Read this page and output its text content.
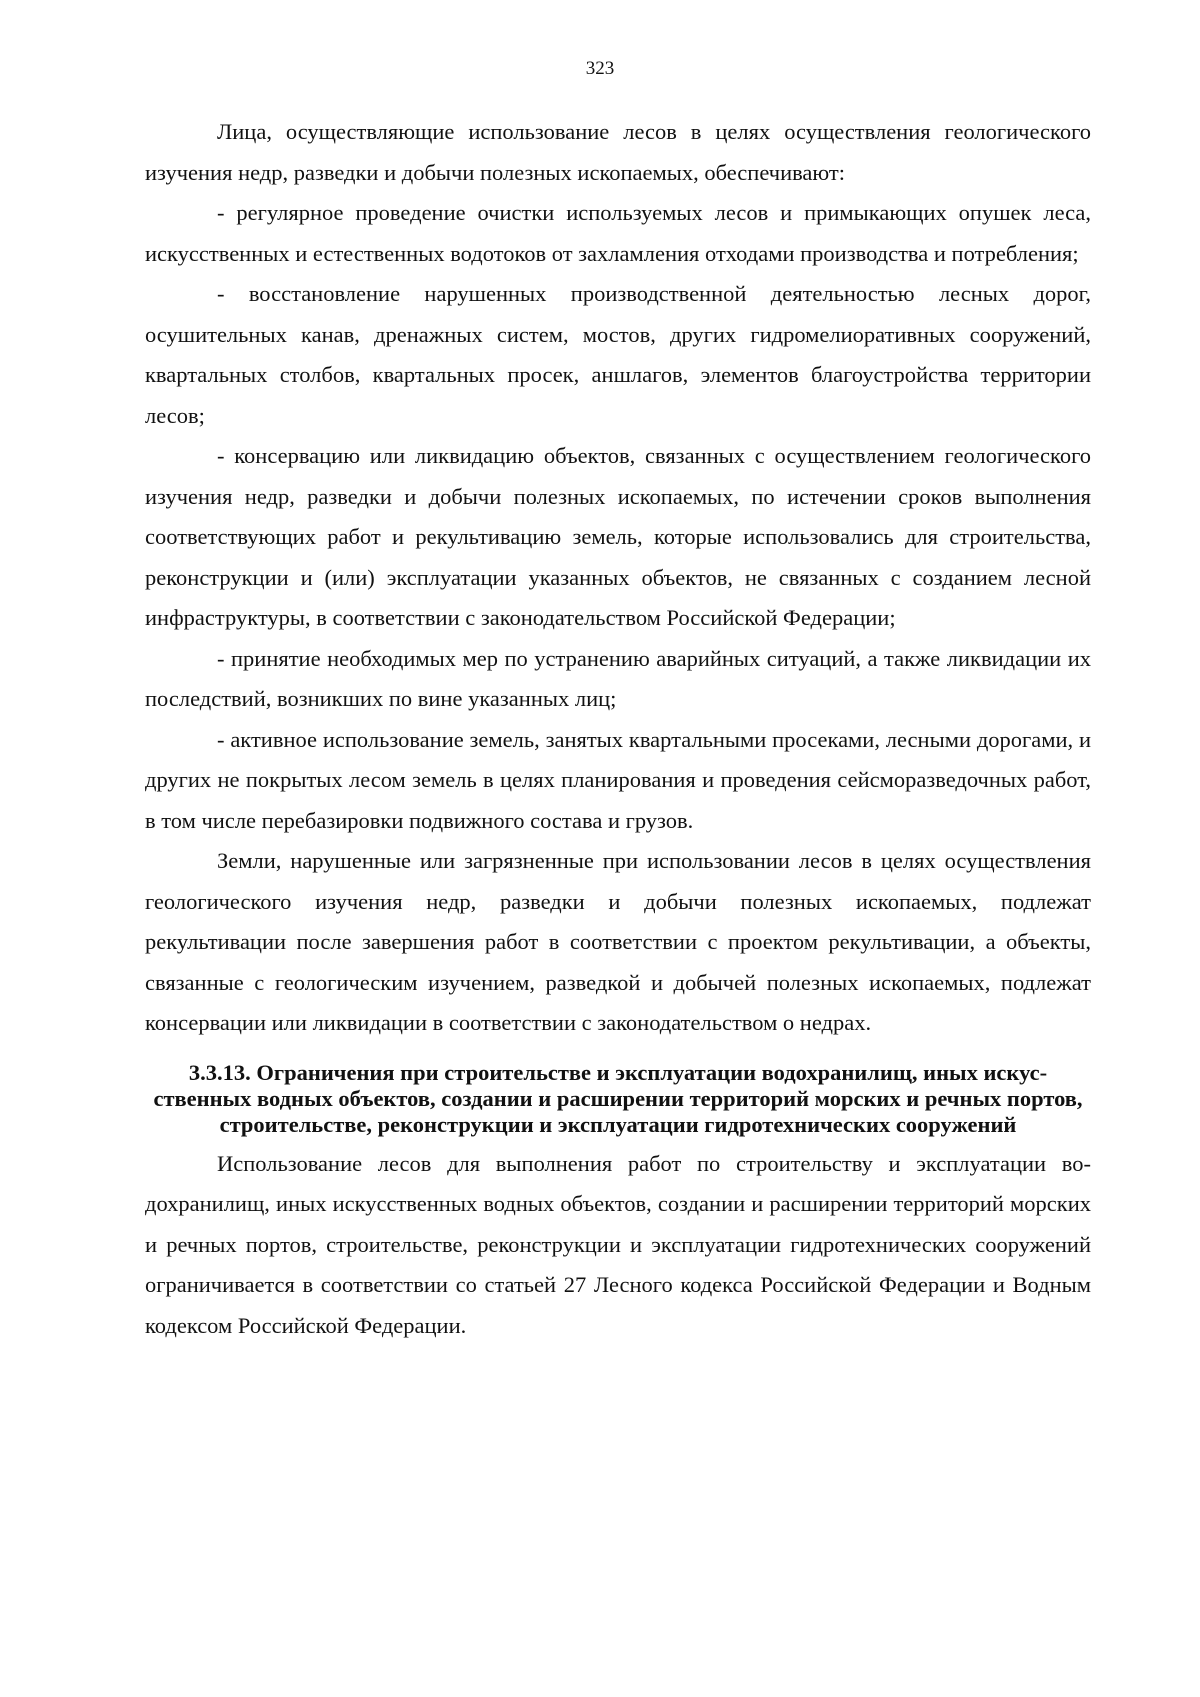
323

Лица, осуществляющие использование лесов в целях осуществления геологического изучения недр, разведки и добычи полезных ископаемых, обеспечивают:

- регулярное проведение очистки используемых лесов и примыкающих опушек леса, искусственных и естественных водотоков от захламления отходами производства и потребления;

- восстановление нарушенных производственной деятельностью лесных дорог, осушительных канав, дренажных систем, мостов, других гидромелиоративных сооружений, квартальных столбов, квартальных просек, аншлагов, элементов благоустройства территории лесов;

- консервацию или ликвидацию объектов, связанных с осуществлением геологического изучения недр, разведки и добычи полезных ископаемых, по истечении сроков выполнения соответствующих работ и рекультивацию земель, которые использовались для строительства, реконструкции и (или) эксплуатации указанных объектов, не связанных с созданием лесной инфраструктуры, в соответствии с законодательством Российской Федерации;

- принятие необходимых мер по устранению аварийных ситуаций, а также ликвидации их последствий, возникших по вине указанных лиц;

- активное использование земель, занятых квартальными просеками, лесными дорогами, и других не покрытых лесом земель в целях планирования и проведения сейсморазведочных работ, в том числе перебазировки подвижного состава и грузов.

Земли, нарушенные или загрязненные при использовании лесов в целях осуществления геологического изучения недр, разведки и добычи полезных ископаемых, подлежат рекультивации после завершения работ в соответствии с проектом рекультивации, а объекты, связанные с геологическим изучением, разведкой и добычей полезных ископаемых, подлежат консервации или ликвидации в соответствии с законодательством о недрах.

3.3.13. Ограничения при строительстве и эксплуатации водохранилищ, иных искусственных водных объектов, создании и расширении территорий морских и речных портов, строительстве, реконструкции и эксплуатации гидротехнических сооружений

Использование лесов для выполнения работ по строительству и эксплуатации водохранилищ, иных искусственных водных объектов, создании и расширении территорий морских и речных портов, строительстве, реконструкции и эксплуатации гидротехнических сооружений ограничивается в соответствии со статьей 27 Лесного кодекса Российской Федерации и Водным кодексом Российской Федерации.
